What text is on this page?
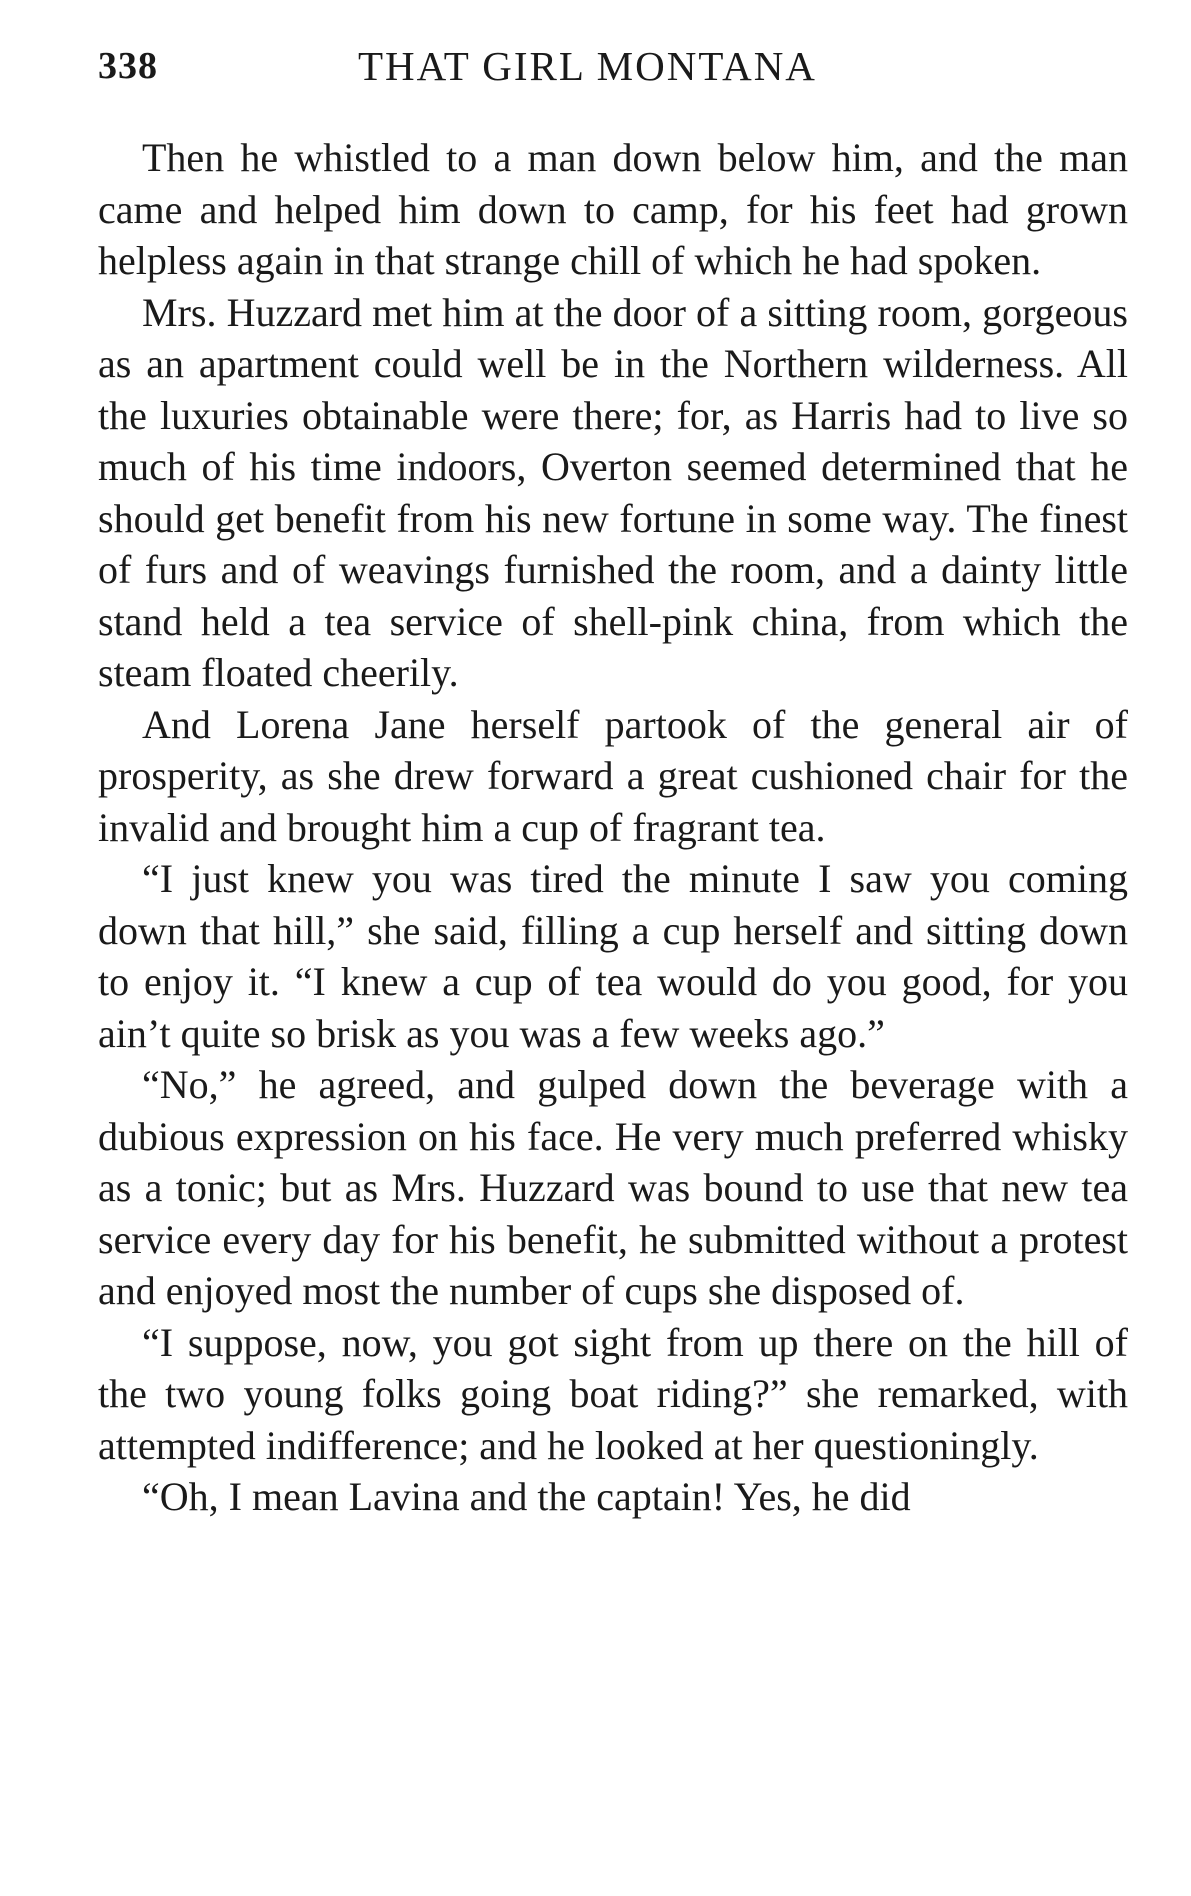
338	THAT GIRL MONTANA

Then he whistled to a man down below him, and the man came and helped him down to camp, for his feet had grown helpless again in that strange chill of which he had spoken.

Mrs. Huzzard met him at the door of a sitting room, gorgeous as an apartment could well be in the Northern wilderness. All the luxuries obtainable were there; for, as Harris had to live so much of his time indoors, Overton seemed determined that he should get benefit from his new fortune in some way. The finest of furs and of weavings furnished the room, and a dainty little stand held a tea service of shell-pink china, from which the steam floated cheerily.

And Lorena Jane herself partook of the general air of prosperity, as she drew forward a great cushioned chair for the invalid and brought him a cup of fragrant tea.

“I just knew you was tired the minute I saw you coming down that hill,” she said, filling a cup herself and sitting down to enjoy it. “I knew a cup of tea would do you good, for you ain’t quite so brisk as you was a few weeks ago.”

“No,” he agreed, and gulped down the beverage with a dubious expression on his face. He very much preferred whisky as a tonic; but as Mrs. Huzzard was bound to use that new tea service every day for his benefit, he submitted without a protest and enjoyed most the number of cups she disposed of.

“I suppose, now, you got sight from up there on the hill of the two young folks going boat riding?” she remarked, with attempted indifference; and he looked at her questioningly.

“Oh, I mean Lavina and the captain! Yes, he did
